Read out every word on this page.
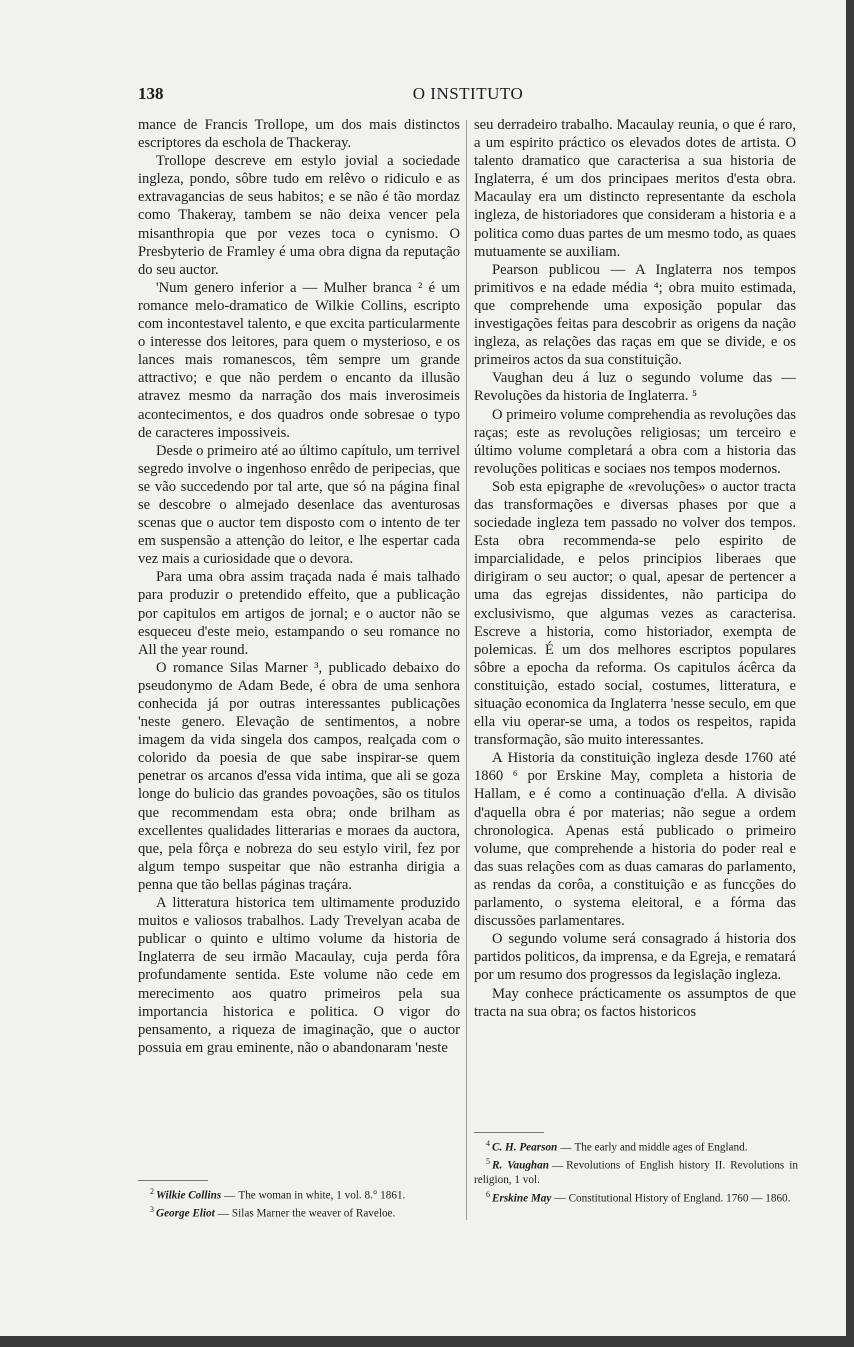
138	O INSTITUTO

mance de Francis Trollope, um dos mais distinctos escriptores da eschola de Thackeray.

Trollope descreve em estylo jovial a sociedade ingleza, pondo, sôbre tudo em relêvo o ridiculo e as extravagancias de seus habitos; e se não é tão mordaz como Thakeray, tambem se não deixa vencer pela misanthropia que por vezes toca o cynismo. O Presbyterio de Framley é uma obra digna da reputação do seu auctor.

'Num genero inferior a — Mulher branca ² é um romance melo-dramatico de Wilkie Collins, escripto com incontestavel talento, e que excita particularmente o interesse dos leitores, para quem o mysterioso, e os lances mais romanescos, têm sempre um grande attractivo; e que não perdem o encanto da illusão atravez mesmo da narração dos mais inverosimeis acontecimentos, e dos quadros onde sobresae o typo de caracteres impossiveis.

Desde o primeiro até ao último capítulo, um terrivel segredo involve o ingenhoso enrêdo de peripecias, que se vão succedendo por tal arte, que só na página final se descobre o almejado desenlace das aventurosas scenas que o auctor tem disposto com o intento de ter em suspensão a attenção do leitor, e lhe espertar cada vez mais a curiosidade que o devora.

Para uma obra assim traçada nada é mais talhado para produzir o pretendido effeito, que a publicação por capitulos em artigos de jornal; e o auctor não se esqueceu d'este meio, estampando o seu romance no All the year round.

O romance Silas Marner ³, publicado debaixo do pseudonymo de Adam Bede, é obra de uma senhora conhecida já por outras interessantes publicações 'neste genero. Elevação de sentimentos, a nobre imagem da vida singela dos campos, realçada com o colorido da poesia de que sabe inspirar-se quem penetrar os arcanos d'essa vida intima, que ali se goza longe do bulicio das grandes povoações, são os titulos que recommendam esta obra; onde brilham as excellentes qualidades litterarias e moraes da auctora, que, pela fôrça e nobreza do seu estylo viril, fez por algum tempo suspeitar que não estranha dirigia a penna que tão bellas páginas traçára.

A litteratura historica tem ultimamente produzido muitos e valiosos trabalhos. Lady Trevelyan acaba de publicar o quinto e ultimo volume da historia de Inglaterra de seu irmão Macaulay, cuja perda fôra profundamente sentida. Este volume não cede em merecimento aos quatro primeiros pela sua importancia historica e politica. O vigor do pensamento, a riqueza de imaginação, que o auctor possuia em grau eminente, não o abandonaram 'neste

seu derradeiro trabalho. Macaulay reunia, o que é raro, a um espirito práctico os elevados dotes de artista. O talento dramatico que caracterisa a sua historia de Inglaterra, é um dos principaes meritos d'esta obra. Macaulay era um distincto representante da eschola ingleza, de historiadores que consideram a historia e a politica como duas partes de um mesmo todo, as quaes mutuamente se auxiliam.

Pearson publicou — A Inglaterra nos tempos primitivos e na edade média ⁴; obra muito estimada, que comprehende uma exposição popular das investigações feitas para descobrir as origens da nação ingleza, as relações das raças em que se divide, e os primeiros actos da sua constituição.

Vaughan deu á luz o segundo volume das — Revoluções da historia de Inglaterra. ⁵

O primeiro volume comprehendia as revoluções das raças; este as revoluções religiosas; um terceiro e último volume completará a obra com a historia das revoluções politicas e sociaes nos tempos modernos.

Sob esta epigraphe de «revoluções» o auctor tracta das transformações e diversas phases por que a sociedade ingleza tem passado no volver dos tempos. Esta obra recommenda-se pelo espirito de imparcialidade, e pelos principios liberaes que dirigiram o seu auctor; o qual, apesar de pertencer a uma das egrejas dissidentes, não participa do exclusivismo, que algumas vezes as caracterisa. Escreve a historia, como historiador, exempta de polemicas. É um dos melhores escriptos populares sôbre a epocha da reforma. Os capitulos ácêrca da constituição, estado social, costumes, litteratura, e situação economica da Inglaterra 'nesse seculo, em que ella viu operar-se uma, a todos os respeitos, rapida transformação, são muito interessantes.

A Historia da constituição ingleza desde 1760 até 1860 ⁶ por Erskine May, completa a historia de Hallam, e é como a continuação d'ella. A divisão d'aquella obra é por materias; não segue a ordem chronologica. Apenas está publicado o primeiro volume, que comprehende a historia do poder real e das suas relações com as duas camaras do parlamento, as rendas da corôa, a constituição e as funcções do parlamento, o systema eleitoral, e a fórma das discussões parlamentares.

O segundo volume será consagrado á historia dos partidos politicos, da imprensa, e da Egreja, e rematará por um resumo dos progressos da legislação ingleza.

May conhece prácticamente os assumptos de que tracta na sua obra; os factos historicos

$^2$ Wilkie Collins — The woman in white, 1 vol. 8.° 1861.

$^3$ George Eliot — Silas Marner the weaver of Raveloe.

$^4$ C. H. Pearson — The early and middle ages of England.

$^5$ R. Vaughan — Revolutions of English history II. Revolutions in religion, 1 vol.

$^6$ Erskine May — Constitutional History of England. 1760 — 1860.
